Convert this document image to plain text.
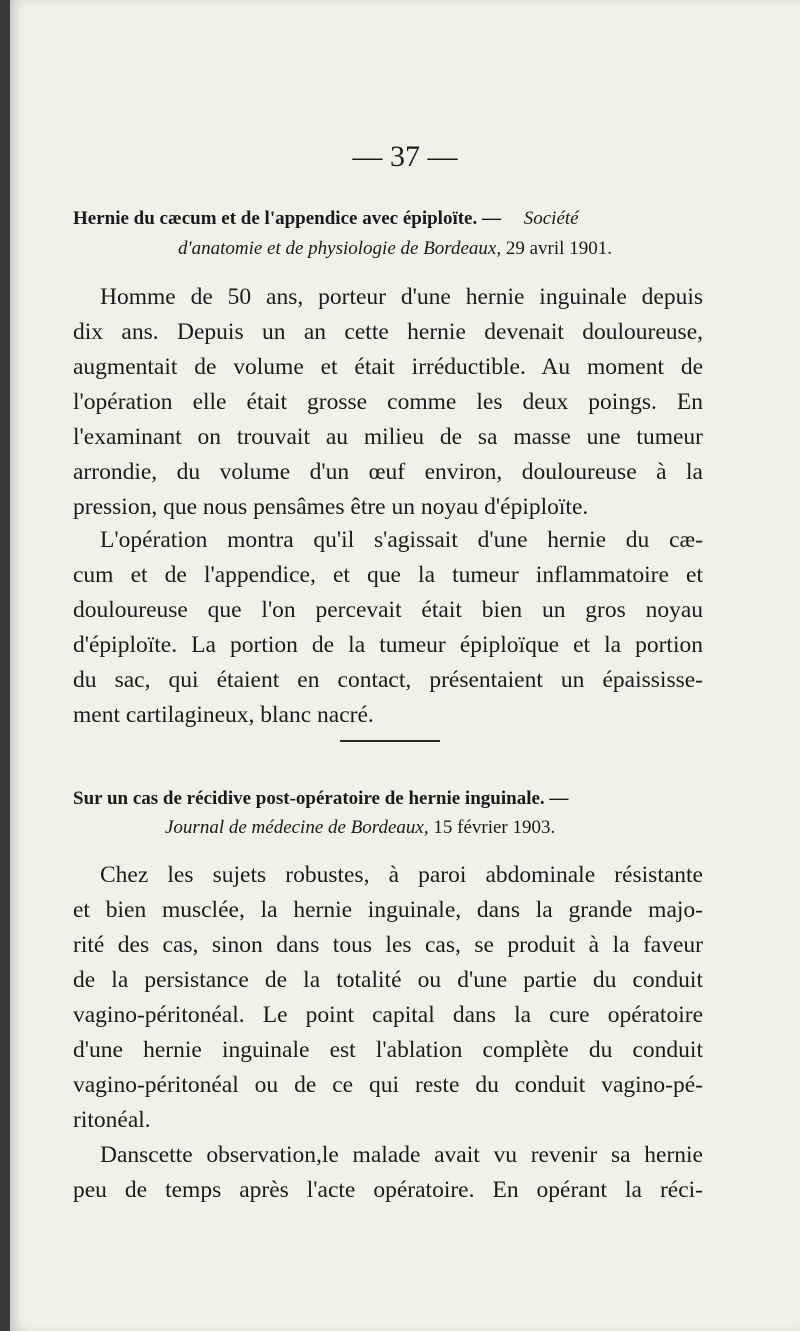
— 37 —

Hernie du cæcum et de l'appendice avec épiploïte. — Société

d'anatomie et de physiologie de Bordeaux, 29 avril 1901.

Homme de 50 ans, porteur d'une hernie inguinale depuis

dix ans. Depuis un an cette hernie devenait douloureuse,

augmentait de volume et était irréductible. Au moment de

l'opération elle était grosse comme les deux poings. En

l'examinant on trouvait au milieu de sa masse une tumeur

arrondie, du volume d'un œuf environ, douloureuse à la

pression, que nous pensâmes être un noyau d'épiploïte.

L'opération montra qu'il s'agissait d'une hernie du cæ-

cum et de l'appendice, et que la tumeur inflammatoire et

douloureuse que l'on percevait était bien un gros noyau

d'épiploïte. La portion de la tumeur épiploïque et la portion

du sac, qui étaient en contact, présentaient un épaississe-

ment cartilagineux, blanc nacré.

Sur un cas de récidive post-opératoire de hernie inguinale. —

Journal de médecine de Bordeaux, 15 février 1903.

Chez les sujets robustes, à paroi abdominale résistante

et bien musclée, la hernie inguinale, dans la grande majo-

rité des cas, sinon dans tous les cas, se produit à la faveur

de la persistance de la totalité ou d'une partie du conduit

vagino-péritonéal. Le point capital dans la cure opératoire

d'une hernie inguinale est l'ablation complète du conduit

vagino-péritonéal ou de ce qui reste du conduit vagino-pé-

ritonéal.

Danscette observation,le malade avait vu revenir sa hernie

peu de temps après l'acte opératoire. En opérant la réci-
